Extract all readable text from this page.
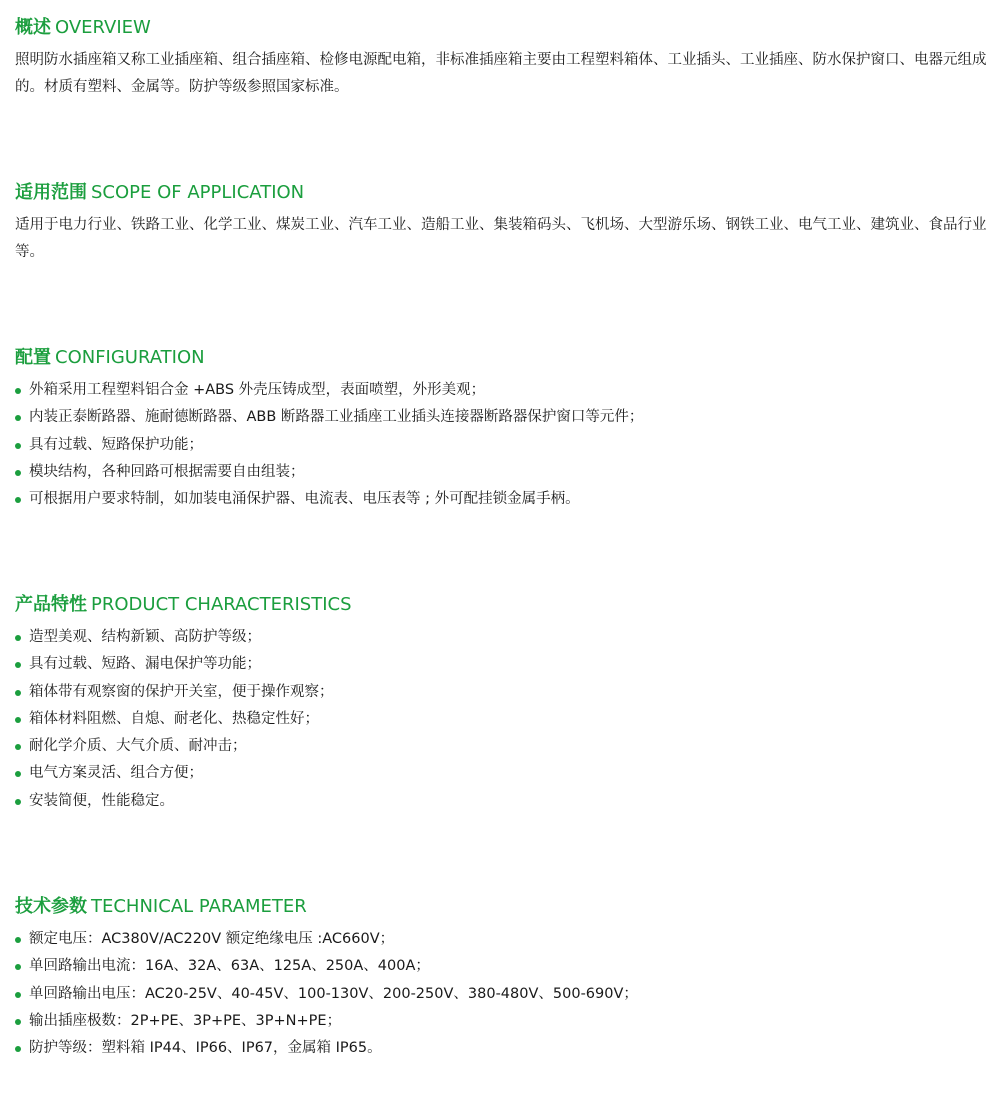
概述 OVERVIEW

照明防水插座箱又称工业插座箱、组合插座箱、检修电源配电箱，非标准插座箱主要由工程塑料箱体、工业插头、工业插座、防水保护窗口、电器元组成的。材质有塑料、金属等。防护等级参照国家标准。

适用范围 SCOPE OF APPLICATION

适用于电力行业、铁路工业、化学工业、煤炭工业、汽车工业、造船工业、集装箱码头、飞机场、大型游乐场、钢铁工业、电气工业、建筑业、食品行业等。

配置 CONFIGURATION
外箱采用工程塑料铝合金 +ABS 外壳压铸成型，表面喷塑，外形美观；
内装正泰断路器、施耐德断路器、ABB 断路器工业插座工业插头连接器断路器保护窗口等元件；
具有过载、短路保护功能；
模块结构，各种回路可根据需要自由组装；
可根据用户要求特制，如加装电涌保护器、电流表、电压表等 ; 外可配挂锁金属手柄。
产品特性 PRODUCT CHARACTERISTICS
造型美观、结构新颖、高防护等级；
具有过载、短路、漏电保护等功能；
箱体带有观察窗的保护开关室，便于操作观察；
箱体材料阻燃、自熄、耐老化、热稳定性好；
耐化学介质、大气介质、耐冲击；
电气方案灵活、组合方便；
安装简便，性能稳定。
技术参数 TECHNICAL PARAMETER
额定电压：AC380V/AC220V 额定绝缘电压 :AC660V；
单回路输出电流：16A、32A、63A、125A、250A、400A；
单回路输出电压：AC20-25V、40-45V、100-130V、200-250V、380-480V、500-690V；
输出插座极数：2P+PE、3P+PE、3P+N+PE；
防护等级：塑料箱 IP44、IP66、IP67，金属箱 IP65。
